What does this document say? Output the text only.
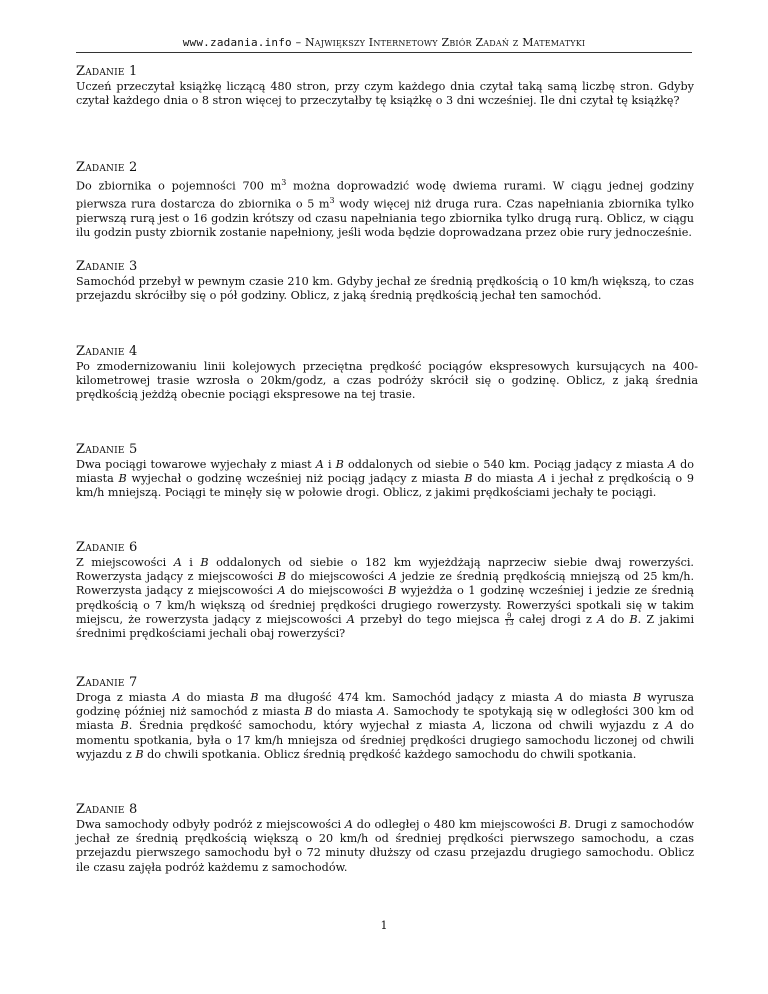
www.zadania.info – Największy Internetowy Zbiór Zadań z Matematyki
Zadanie 1

Uczeń przeczytał książkę liczącą 480 stron, przy czym każdego dnia czytał taką samą liczbę stron. Gdyby czytał każdego dnia o 8 stron więcej to przeczytałby tę książkę o 3 dni wcześniej. Ile dni czytał tę książkę?

Zadanie 2

Do zbiornika o pojemności 700 $m^3$ można doprowadzić wodę dwiema rurami. W ciągu jednej godziny pierwsza rura dostarcza do zbiornika o 5 $m^3$ wody więcej niż druga rura. Czas napełniania zbiornika tylko pierwszą rurą jest o 16 godzin krótszy od czasu napełniania tego zbiornika tylko drugą rurą. Oblicz, w ciągu ilu godzin pusty zbiornik zostanie napełniony, jeśli woda będzie doprowadzana przez obie rury jednocześnie.

Zadanie 3

Samochód przebył w pewnym czasie 210 km. Gdyby jechał ze średnią prędkością o 10 km/h większą, to czas przejazdu skróciłby się o pół godziny. Oblicz, z jaką średnią prędkością jechał ten samochód.

Zadanie 4

Po zmodernizowaniu linii kolejowych przeciętna prędkość pociągów ekspresowych kursujących na 400-kilometrowej trasie wzrosła o 20km/godz, a czas podróży skrócił się o godzinę. Oblicz, z jaką średnia prędkością jeżdżą obecnie pociągi ekspresowe na tej trasie.

Zadanie 5

Dwa pociągi towarowe wyjechały z miast A i B oddalonych od siebie o 540 km. Pociąg jadący z miasta A do miasta B wyjechał o godzinę wcześniej niż pociąg jadący z miasta B do miasta A i jechał z prędkością o 9 km/h mniejszą. Pociągi te minęły się w połowie drogi. Oblicz, z jakimi prędkościami jechały te pociągi.

Zadanie 6

Z miejscowości A i B oddalonych od siebie o 182 km wyjeżdżają naprzeciw siebie dwaj rowerzyści. Rowerzysta jadący z miejscowości B do miejscowości A jedzie ze średnią prędkością mniejszą od 25 km/h. Rowerzysta jadący z miejscowości A do miejscowości B wyjeżdża o 1 godzinę wcześniej i jedzie ze średnią prędkością o 7 km/h większą od średniej prędkości drugiego rowerzysty. Rowerzyści spotkali się w takim miejscu, że rowerzysta jadący z miejscowości A przebył do tego miejsca $\frac{9}{13}$ całej drogi z A do B. Z jakimi średnimi prędkościami jechali obaj rowerzyści?

Zadanie 7

Droga z miasta A do miasta B ma długość 474 km. Samochód jadący z miasta A do miasta B wyrusza godzinę później niż samochód z miasta B do miasta A. Samochody te spotykają się w odległości 300 km od miasta B. Średnia prędkość samochodu, który wyjechał z miasta A, liczona od chwili wyjazdu z A do momentu spotkania, była o 17 km/h mniejsza od średniej prędkości drugiego samochodu liczonej od chwili wyjazdu z B do chwili spotkania. Oblicz średnią prędkość każdego samochodu do chwili spotkania.

Zadanie 8

Dwa samochody odbyły podróż z miejscowości A do odległej o 480 km miejscowości B. Drugi z samochodów jechał ze średnią prędkością większą o 20 km/h od średniej prędkości pierwszego samochodu, a czas przejazdu pierwszego samochodu był o 72 minuty dłuższy od czasu przejazdu drugiego samochodu. Oblicz ile czasu zajęła podróż każdemu z samochodów.

1
